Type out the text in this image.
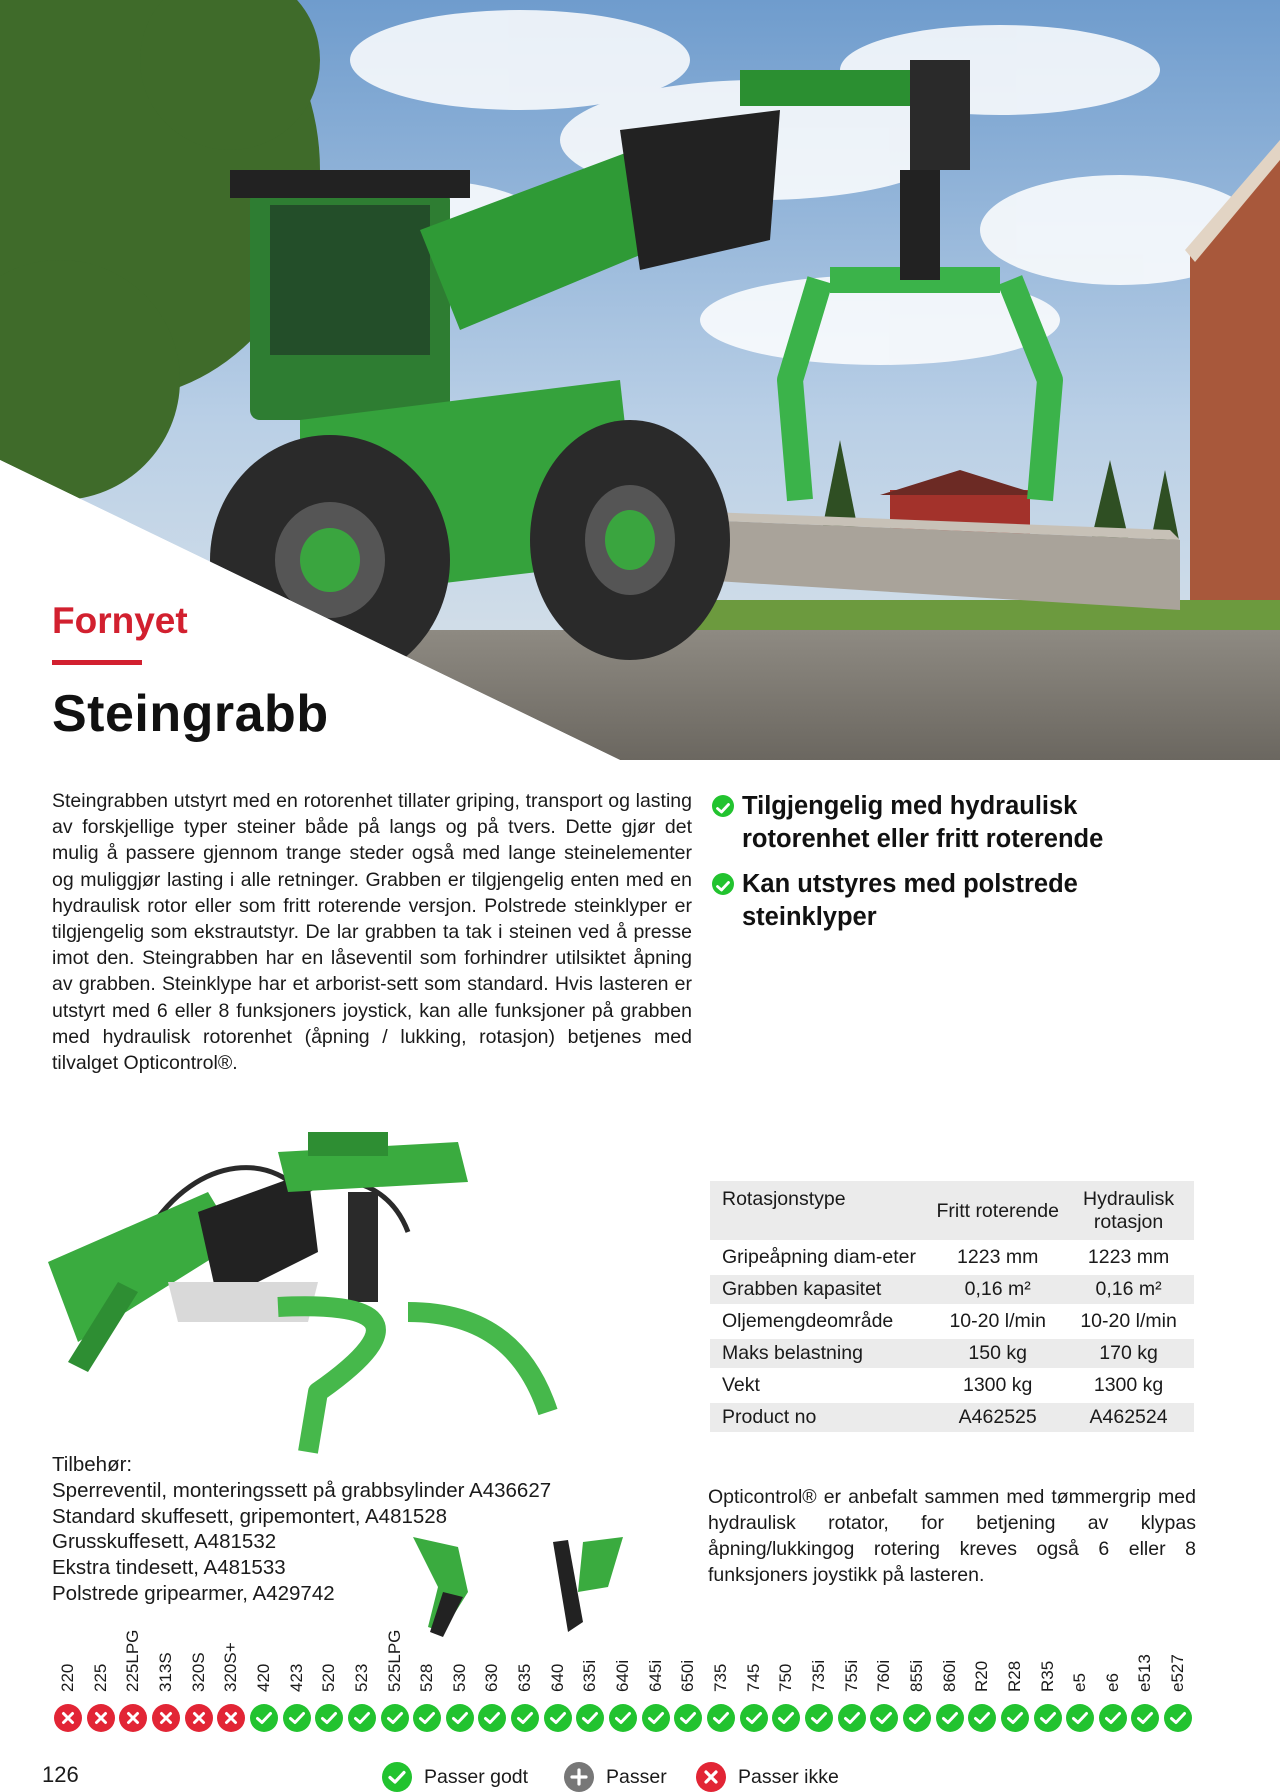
Fornyet
Steingrabb

Steingrabben utstyrt med en rotorenhet tillater griping, transport og lasting av forskjellige typer steiner både på langs og på tvers. Dette gjør det mulig å passere gjennom trange steder også med lange steinelementer og muliggjør lasting i alle retninger. Grabben er tilgjengelig enten med en hydraulisk rotor eller som fritt roterende versjon. Polstrede steinklyper er tilgjengelig som ekstrautstyr. De lar grabben ta tak i steinen ved å presse imot den. Steingrabben har en låseventil som forhindrer utilsiktet åpning av grabben. Steinklype har et arborist-sett som standard. Hvis lasteren er utstyrt med 6 eller 8 funksjoners joystick, kan alle funksjoner på grabben med hydraulisk rotorenhet (åpning / lukking, rotasjon) betjenes med tilvalget Opticontrol®.

Tilgjengelig med hydraulisk rotorenhet eller fritt roterende
Kan utstyres med polstrede steinklyper
Tilbehør:
Sperreventil, monteringssett på grabbsylinder A436627
Standard skuffesett, gripemontert, A481528
Grusskuffesett, A481532
Ekstra tindesett, A481533
Polstrede gripearmer, A429742
Rotasjonstype	Fritt roterende	Hydraulisk rotasjon
Gripeåpning diam-eter	1223 mm	1223 mm
Grabben kapasitet	0,16 m²	0,16 m²
Oljemengdeområde	10-20 l/min	10-20 l/min
Maks belastning	150 kg	170 kg
Vekt	1300 kg	1300 kg
Product no	A462525	A462524

Opticontrol® er anbefalt sammen med tømmergrip med hydraulisk rotator, for betjening av klypas åpning/lukkingog rotering kreves også 6 eller 8 funksjoners joystikk på lasteren.

220 225 225LPG 313S 320S 320S+ 420 423 520 523 525LPG 528 530 630 635 640 635i 640i 645i 650i 735 745 750 735i 755i 760i 855i 860i R20 R28 R35 e5 e6 e513 e527
126	Passer godt	Passer	Passer ikke
